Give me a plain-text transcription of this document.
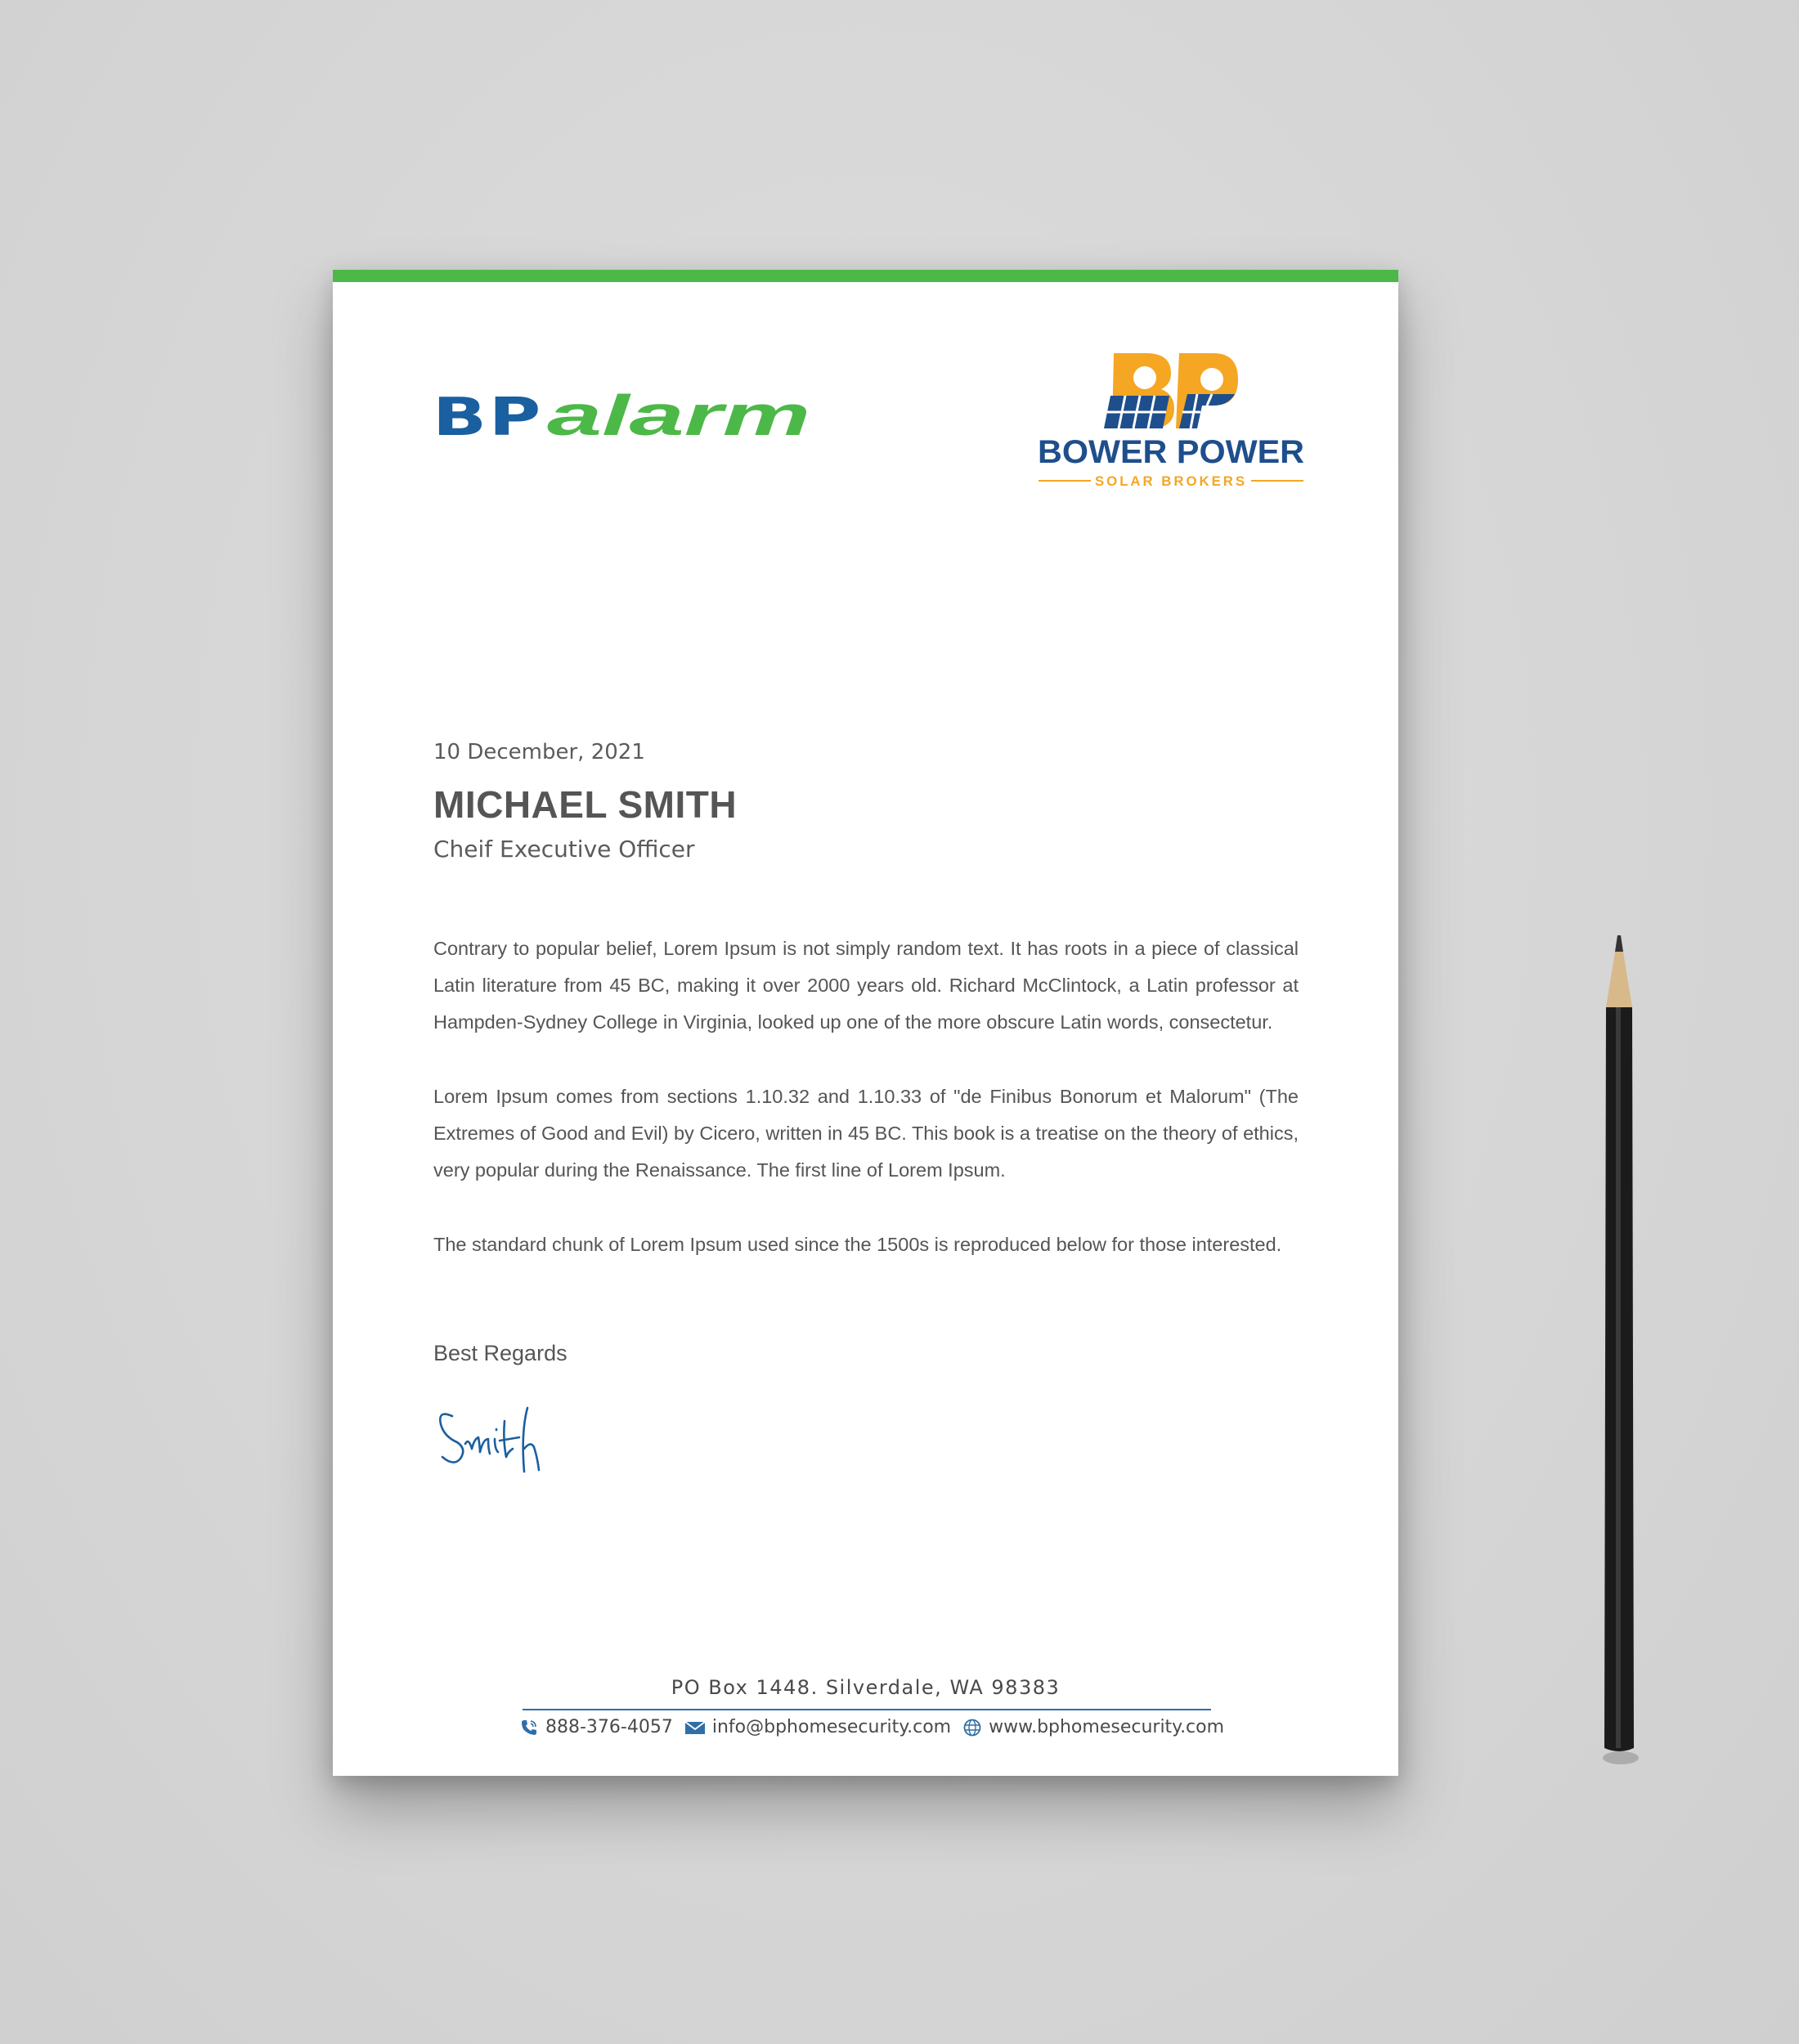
BP alarm
BOWER POWER
SOLAR BROKERS
10 December, 2021
MICHAEL SMITH
Cheif Executive Officer

Contrary to popular belief, Lorem Ipsum is not simply random text. It has roots in a piece of classical Latin literature from 45 BC, making it over 2000 years old. Richard McClintock, a Latin professor at Hampden-Sydney College in Virginia, looked up one of the more obscure Latin words, consectetur.

Lorem Ipsum comes from sections 1.10.32 and 1.10.33 of "de Finibus Bonorum et Malorum" (The Extremes of Good and Evil) by Cicero, written in 45 BC. This book is a treatise on the theory of ethics, very popular during the Renaissance. The first line of Lorem Ipsum.

The standard chunk of Lorem Ipsum used since the 1500s is reproduced below for those interested.

Best Regards
PO Box 1448. Silverdale, WA 98383
888-376-4057 info@bphomesecurity.com www.bphomesecurity.com
